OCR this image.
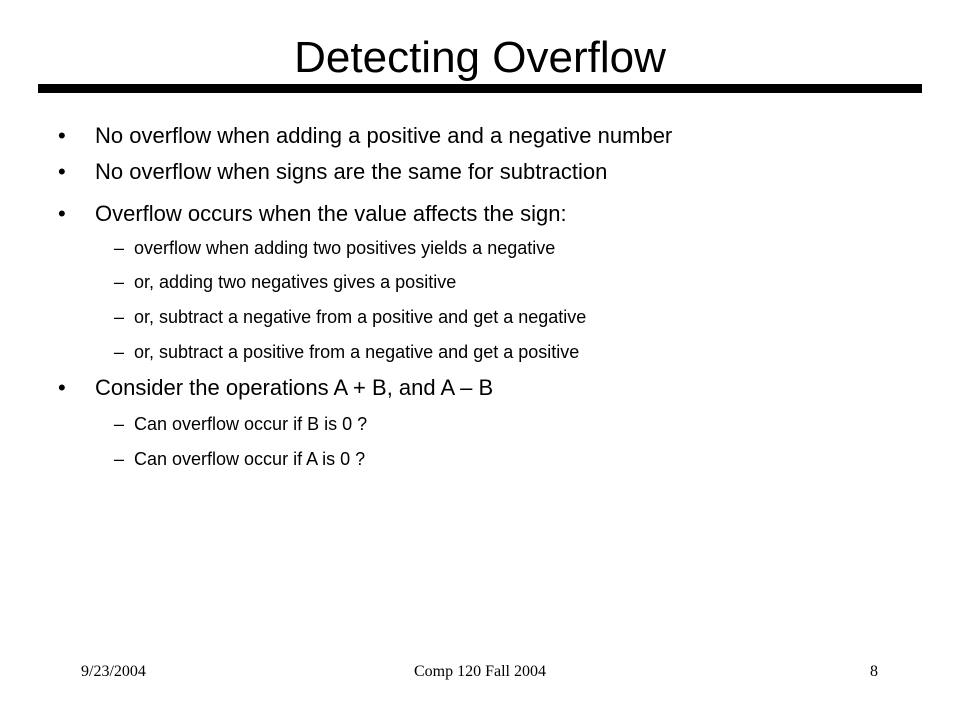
Detecting Overflow
• No overflow when adding a positive and a negative number
• No overflow when signs are the same for subtraction
• Overflow occurs when the value affects the sign:
– overflow when adding two positives yields a negative
– or, adding two negatives gives a positive
– or, subtract a negative from a positive and get a negative
– or, subtract a positive from a negative and get a positive
• Consider the operations A + B, and A – B
– Can overflow occur if B is 0 ?
– Can overflow occur if A is 0 ?
9/23/2004	Comp 120 Fall 2004	8
